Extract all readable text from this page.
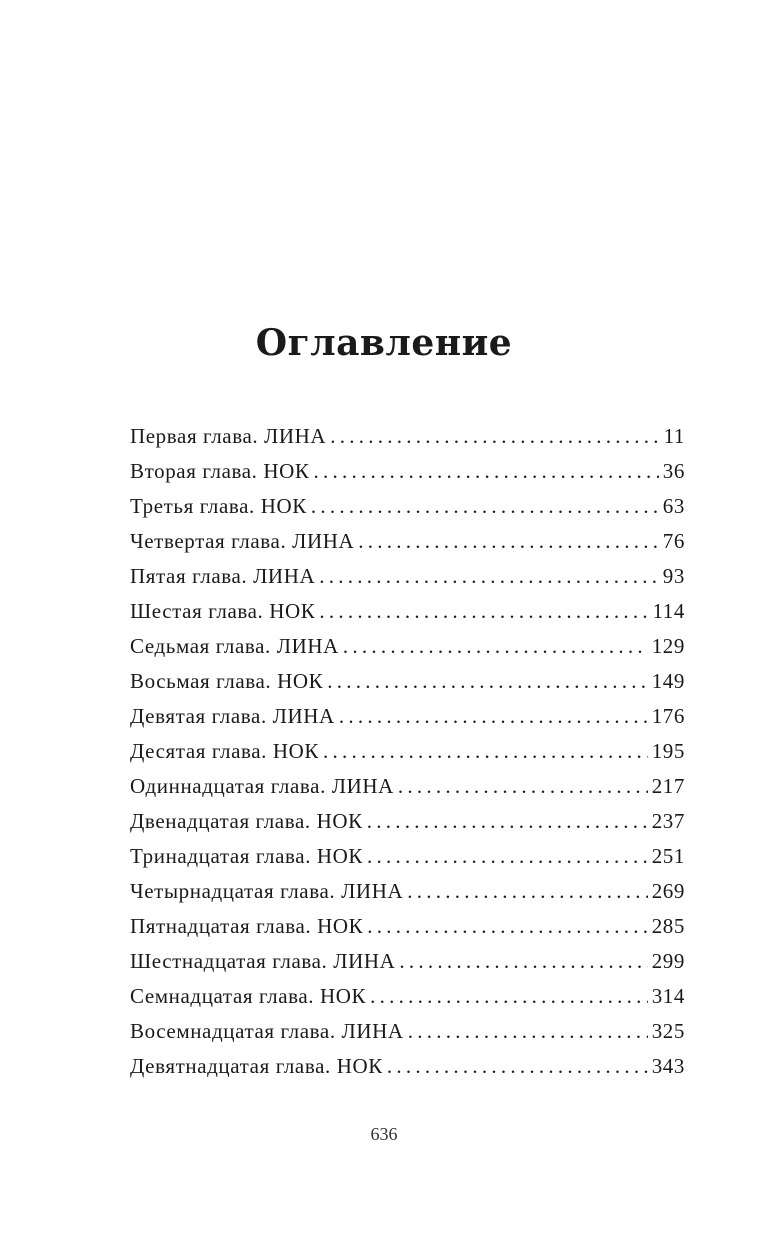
Оглавление
Первая глава. ЛИНА . . .	11
Вторая глава. НОК . . .	36
Третья глава. НОК . . .	63
Четвертая глава. ЛИНА . . .	76
Пятая глава. ЛИНА . . .	93
Шестая глава. НОК . . .	114
Седьмая глава. ЛИНА . . .	129
Восьмая глава. НОК . . .	149
Девятая глава. ЛИНА . . .	176
Десятая глава. НОК . . .	195
Одиннадцатая глава. ЛИНА . . .	217
Двенадцатая глава. НОК . . .	237
Тринадцатая глава. НОК . . .	251
Четырнадцатая глава. ЛИНА . . .	269
Пятнадцатая глава. НОК . . .	285
Шестнадцатая глава. ЛИНА . . .	299
Семнадцатая глава. НОК . . .	314
Восемнадцатая глава. ЛИНА . . .	325
Девятнадцатая глава. НОК . . .	343
636
